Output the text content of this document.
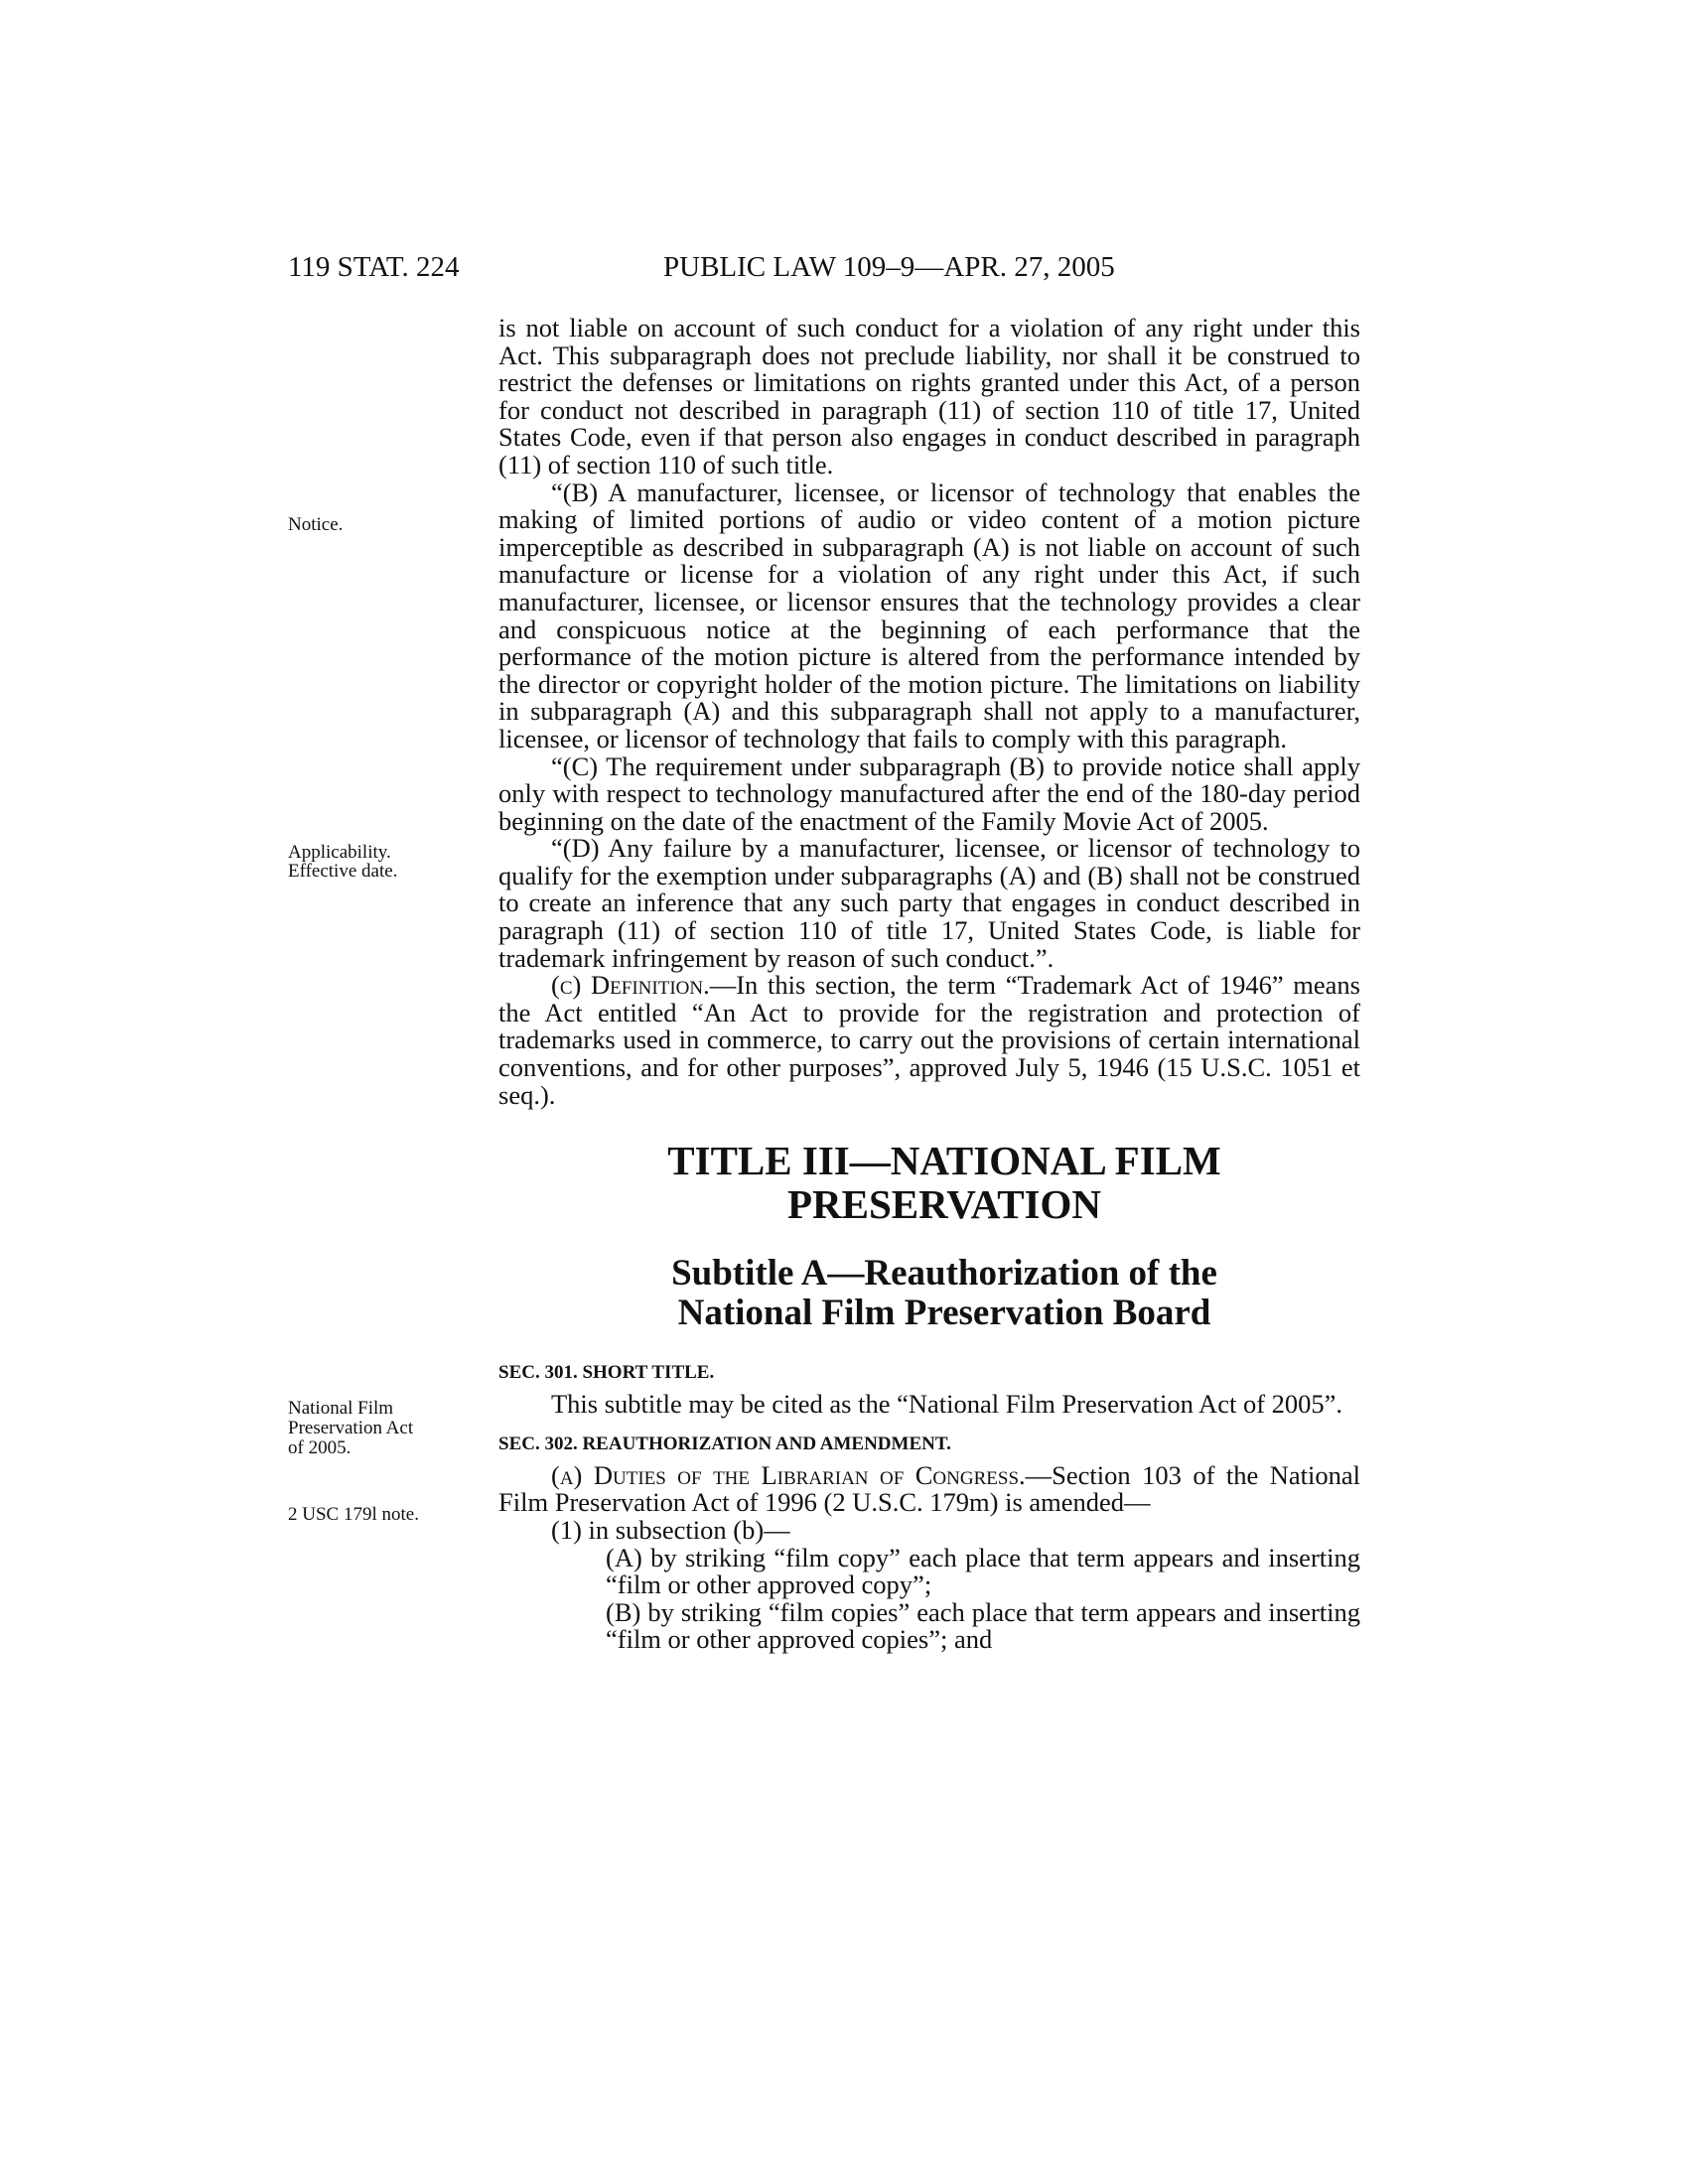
119 STAT. 224	PUBLIC LAW 109–9—APR. 27, 2005
Notice.
Applicability.
Effective date.
National Film
Preservation Act
of 2005.
2 USC 179l note.

is not liable on account of such conduct for a violation of any right under this Act. This subparagraph does not preclude liability, nor shall it be construed to restrict the defenses or limitations on rights granted under this Act, of a person for conduct not described in paragraph (11) of section 110 of title 17, United States Code, even if that person also engages in conduct described in paragraph (11) of section 110 of such title.

“(B) A manufacturer, licensee, or licensor of technology that enables the making of limited portions of audio or video content of a motion picture imperceptible as described in subparagraph (A) is not liable on account of such manufacture or license for a violation of any right under this Act, if such manufacturer, licensee, or licensor ensures that the technology provides a clear and conspicuous notice at the beginning of each performance that the performance of the motion picture is altered from the performance intended by the director or copyright holder of the motion picture. The limitations on liability in subparagraph (A) and this subparagraph shall not apply to a manufacturer, licensee, or licensor of technology that fails to comply with this paragraph.

“(C) The requirement under subparagraph (B) to provide notice shall apply only with respect to technology manufactured after the end of the 180-day period beginning on the date of the enactment of the Family Movie Act of 2005.

“(D) Any failure by a manufacturer, licensee, or licensor of technology to qualify for the exemption under subparagraphs (A) and (B) shall not be construed to create an inference that any such party that engages in conduct described in paragraph (11) of section 110 of title 17, United States Code, is liable for trademark infringement by reason of such conduct.”.

(c) Definition.—In this section, the term “Trademark Act of 1946” means the Act entitled “An Act to provide for the registration and protection of trademarks used in commerce, to carry out the provisions of certain international conventions, and for other purposes”, approved July 5, 1946 (15 U.S.C. 1051 et seq.).

TITLE III—NATIONAL FILM

PRESERVATION

Subtitle A—Reauthorization of the

National Film Preservation Board

SEC. 301. SHORT TITLE.

This subtitle may be cited as the “National Film Preservation Act of 2005”.

SEC. 302. REAUTHORIZATION AND AMENDMENT.

(a) Duties of the Librarian of Congress.—Section 103 of the National Film Preservation Act of 1996 (2 U.S.C. 179m) is amended—

(1) in subsection (b)—

(A) by striking “film copy” each place that term appears and inserting “film or other approved copy”;

(B) by striking “film copies” each place that term appears and inserting “film or other approved copies”; and
